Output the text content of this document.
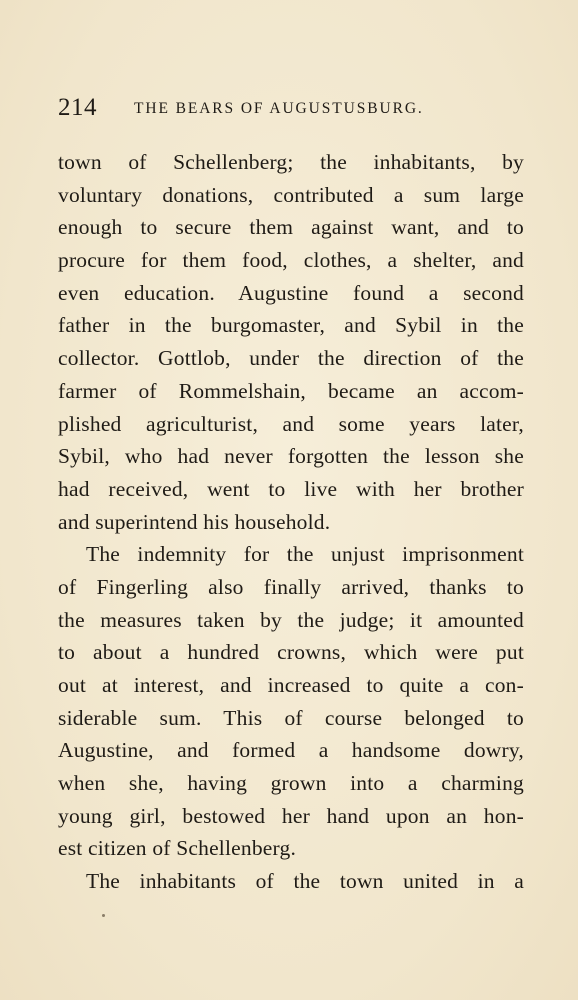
214 THE BEARS OF AUGUSTUSBURG.
town of Schellenberg; the inhabitants, by
voluntary donations, contributed a sum large
enough to secure them against want, and to
procure for them food, clothes, a shelter, and
even education. Augustine found a second
father in the burgomaster, and Sybil in the
collector. Gottlob, under the direction of the
farmer of Rommelshain, became an accom-
plished agriculturist, and some years later,
Sybil, who had never forgotten the lesson she
had received, went to live with her brother
and superintend his household.
The indemnity for the unjust imprisonment
of Fingerling also finally arrived, thanks to
the measures taken by the judge; it amounted
to about a hundred crowns, which were put
out at interest, and increased to quite a con-
siderable sum. This of course belonged to
Augustine, and formed a handsome dowry,
when she, having grown into a charming
young girl, bestowed her hand upon an hon-
est citizen of Schellenberg.
The inhabitants of the town united in a
